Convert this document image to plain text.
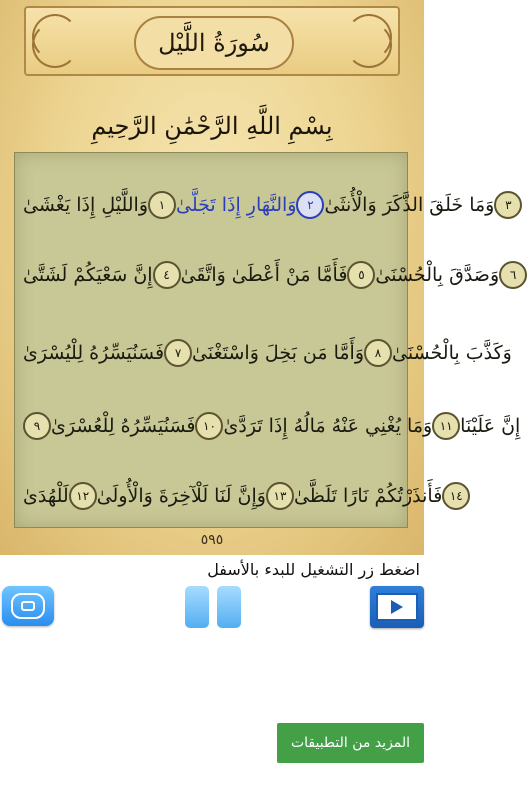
سُورَةُ اللَّيْل
بِسْمِ اللَّهِ الرَّحْمَٰنِ الرَّحِيمِ
وَاللَّيْلِ إِذَا يَغْشَىٰ ١ وَالنَّهَارِ إِذَا تَجَلَّىٰ ٢ وَمَا خَلَقَ الذَّكَرَ وَالْأُنثَىٰ ٣
إِنَّ سَعْيَكُمْ لَشَتَّىٰ ٤ فَأَمَّا مَنْ أَعْطَىٰ وَاتَّقَىٰ ٥ وَصَدَّقَ بِالْحُسْنَىٰ ٦
فَسَنُيَسِّرُهُ لِلْيُسْرَىٰ ٧ وَأَمَّا مَن بَخِلَ وَاسْتَغْنَىٰ ٨ وَكَذَّبَ بِالْحُسْنَىٰ
٩ فَسَنُيَسِّرُهُ لِلْعُسْرَىٰ ١٠ وَمَا يُغْنِي عَنْهُ مَالُهُ إِذَا تَرَدَّىٰ ١١ إِنَّ عَلَيْنَا
لَلْهُدَىٰ ١٢ وَإِنَّ لَنَا لَلْآخِرَةَ وَالْأُولَىٰ ١٣ فَأَنذَرْتُكُمْ نَارًا تَلَظَّىٰ ١٤
٥٩٥
اضغط زر التشغيل للبدء بالأسفل
المزيد من التطبيقات
